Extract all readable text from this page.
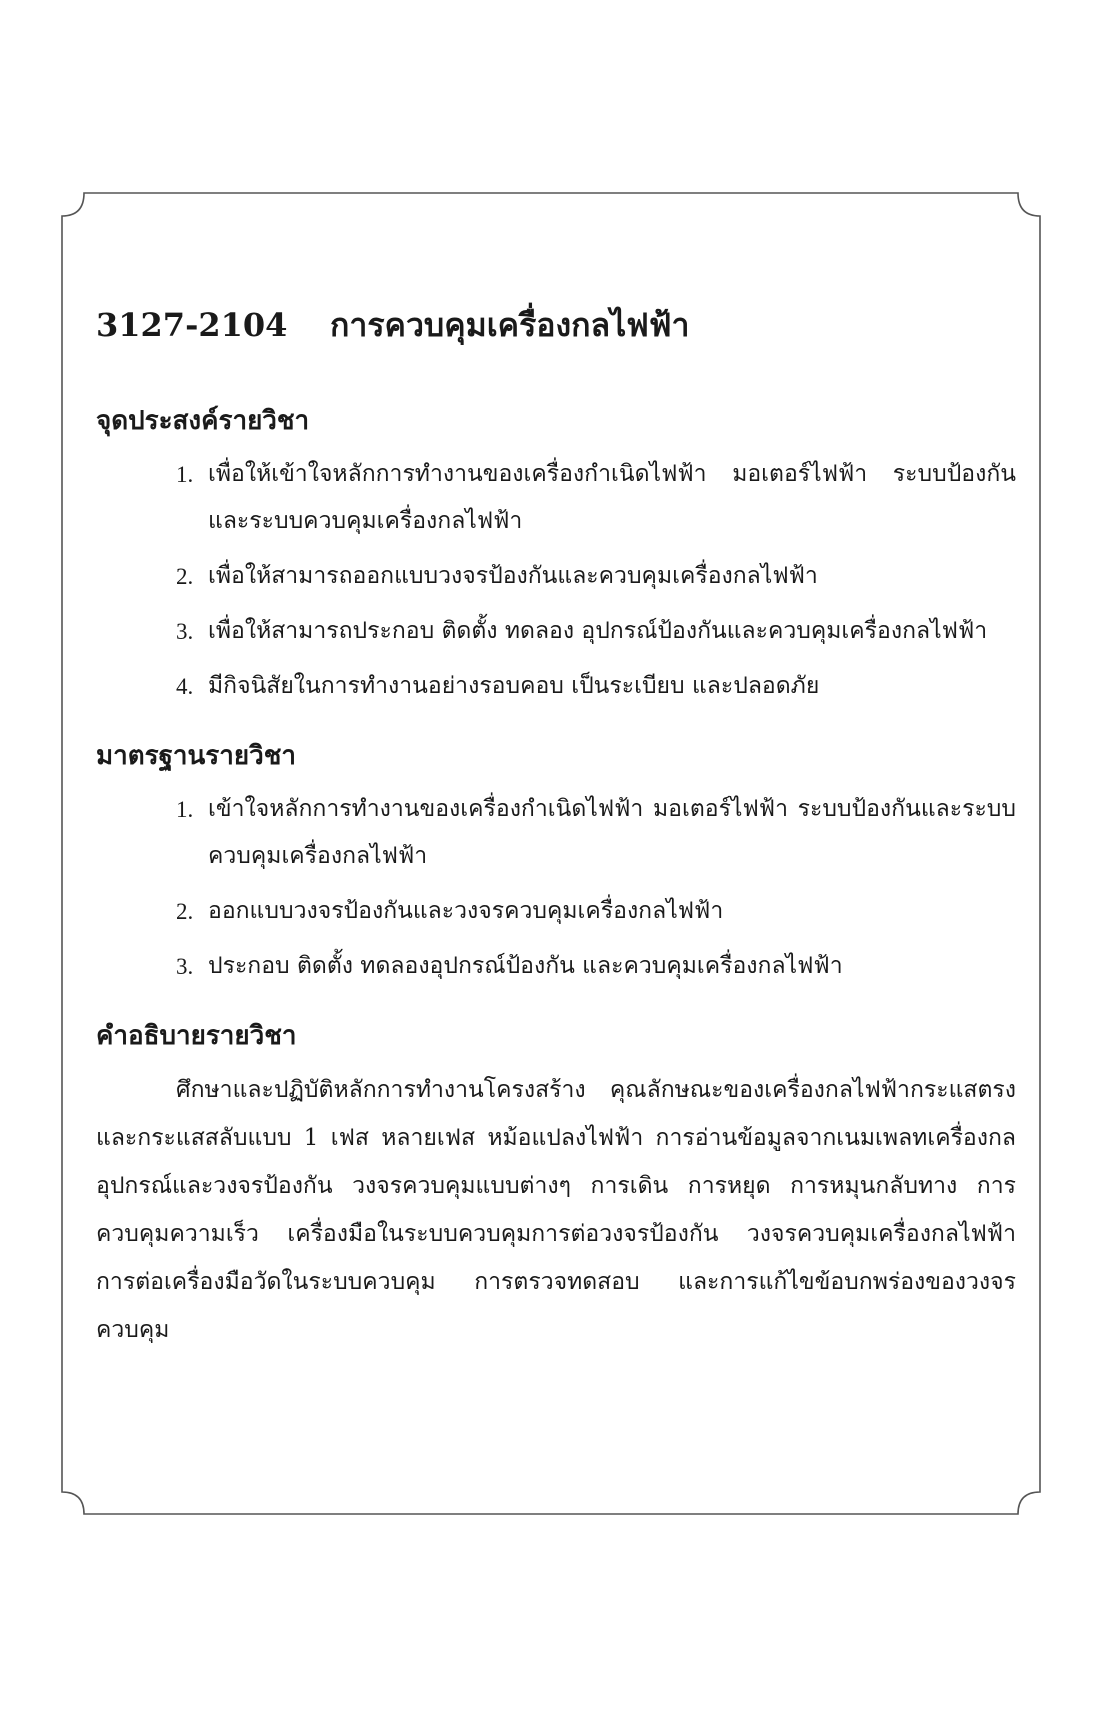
3127-2104	การควบคุมเครื่องกลไฟฟ้า
จุดประสงค์รายวิชา
1. เพื่อให้เข้าใจหลักการทำงานของเครื่องกำเนิดไฟฟ้า มอเตอร์ไฟฟ้า ระบบป้องกันและระบบควบคุมเครื่องกลไฟฟ้า
2. เพื่อให้สามารถออกแบบวงจรป้องกันและควบคุมเครื่องกลไฟฟ้า
3. เพื่อให้สามารถประกอบ ติดตั้ง ทดลอง อุปกรณ์ป้องกันและควบคุมเครื่องกลไฟฟ้า
4. มีกิจนิสัยในการทำงานอย่างรอบคอบ เป็นระเบียบ และปลอดภัย
มาตรฐานรายวิชา
1. เข้าใจหลักการทำงานของเครื่องกำเนิดไฟฟ้า มอเตอร์ไฟฟ้า ระบบป้องกันและระบบควบคุมเครื่องกลไฟฟ้า
2. ออกแบบวงจรป้องกันและวงจรควบคุมเครื่องกลไฟฟ้า
3. ประกอบ ติดตั้ง ทดลองอุปกรณ์ป้องกัน และควบคุมเครื่องกลไฟฟ้า
คำอธิบายรายวิชา

ศึกษาและปฏิบัติหลักการทำงานโครงสร้าง คุณลักษณะของเครื่องกลไฟฟ้ากระแสตรงและกระแสสลับแบบ 1 เฟส หลายเฟส หม้อแปลงไฟฟ้า การอ่านข้อมูลจากเนมเพลทเครื่องกล อุปกรณ์และวงจรป้องกัน วงจรควบคุมแบบต่างๆ การเดิน การหยุด การหมุนกลับทาง การควบคุมความเร็ว เครื่องมือในระบบควบคุมการต่อวงจรป้องกัน วงจรควบคุมเครื่องกลไฟฟ้า การต่อเครื่องมือวัดในระบบควบคุม การตรวจทดสอบ และการแก้ไขข้อบกพร่องของวงจรควบคุม
